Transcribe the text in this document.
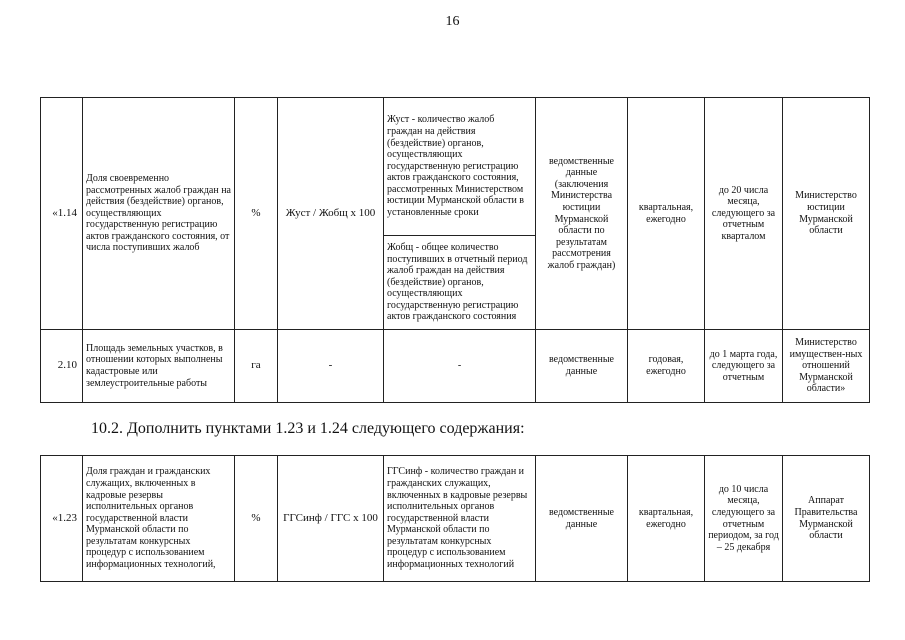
16
«1.14	Доля своевременно рассмотренных жалоб граждан на действия (бездействие) органов, осуществляющих государственную регистрацию актов гражданского состояния, от числа поступивших жалоб	%	Жуст / Жобщ х 100	Жуст - количество жалоб граждан на действия (бездействие) органов, осуществляющих государственную регистрацию актов гражданского состояния, рассмотренных Министерством юстиции Мурманской области в установленные сроки	ведомственные данные (заключения Министерства юстиции Мурманской области по результатам рассмотрения жалоб граждан)	квартальная, ежегодно	до 20 числа месяца, следующего за отчетным кварталом	Министерство юстиции Мурманской области
				Жобщ - общее количество поступивших в отчетный период жалоб граждан на действия (бездействие) органов, осуществляющих государственную регистрацию актов гражданского состояния				
2.10	Площадь земельных участков, в отношении которых выполнены кадастровые или землеустроительные работы	га	-	-	ведомственные данные	годовая, ежегодно	до 1 марта года, следующего за отчетным	Министерство имуществен-ных отношений Мурманской области»
10.2. Дополнить пунктами 1.23 и 1.24 следующего содержания:
«1.23	Доля граждан и гражданских служащих, включенных в кадровые резервы исполнительных органов государственной власти Мурманской области по результатам конкурсных процедур с использованием информационных технологий,	%	ГГСинф / ГГС х 100	ГГСинф - количество граждан и гражданских служащих, включенных в кадровые резервы исполнительных органов государственной власти Мурманской области по результатам конкурсных процедур с использованием информационных технологий	ведомственные данные	квартальная, ежегодно	до 10 числа месяца, следующего за отчетным периодом, за год – 25 декабря	Аппарат Правительства Мурманской области
